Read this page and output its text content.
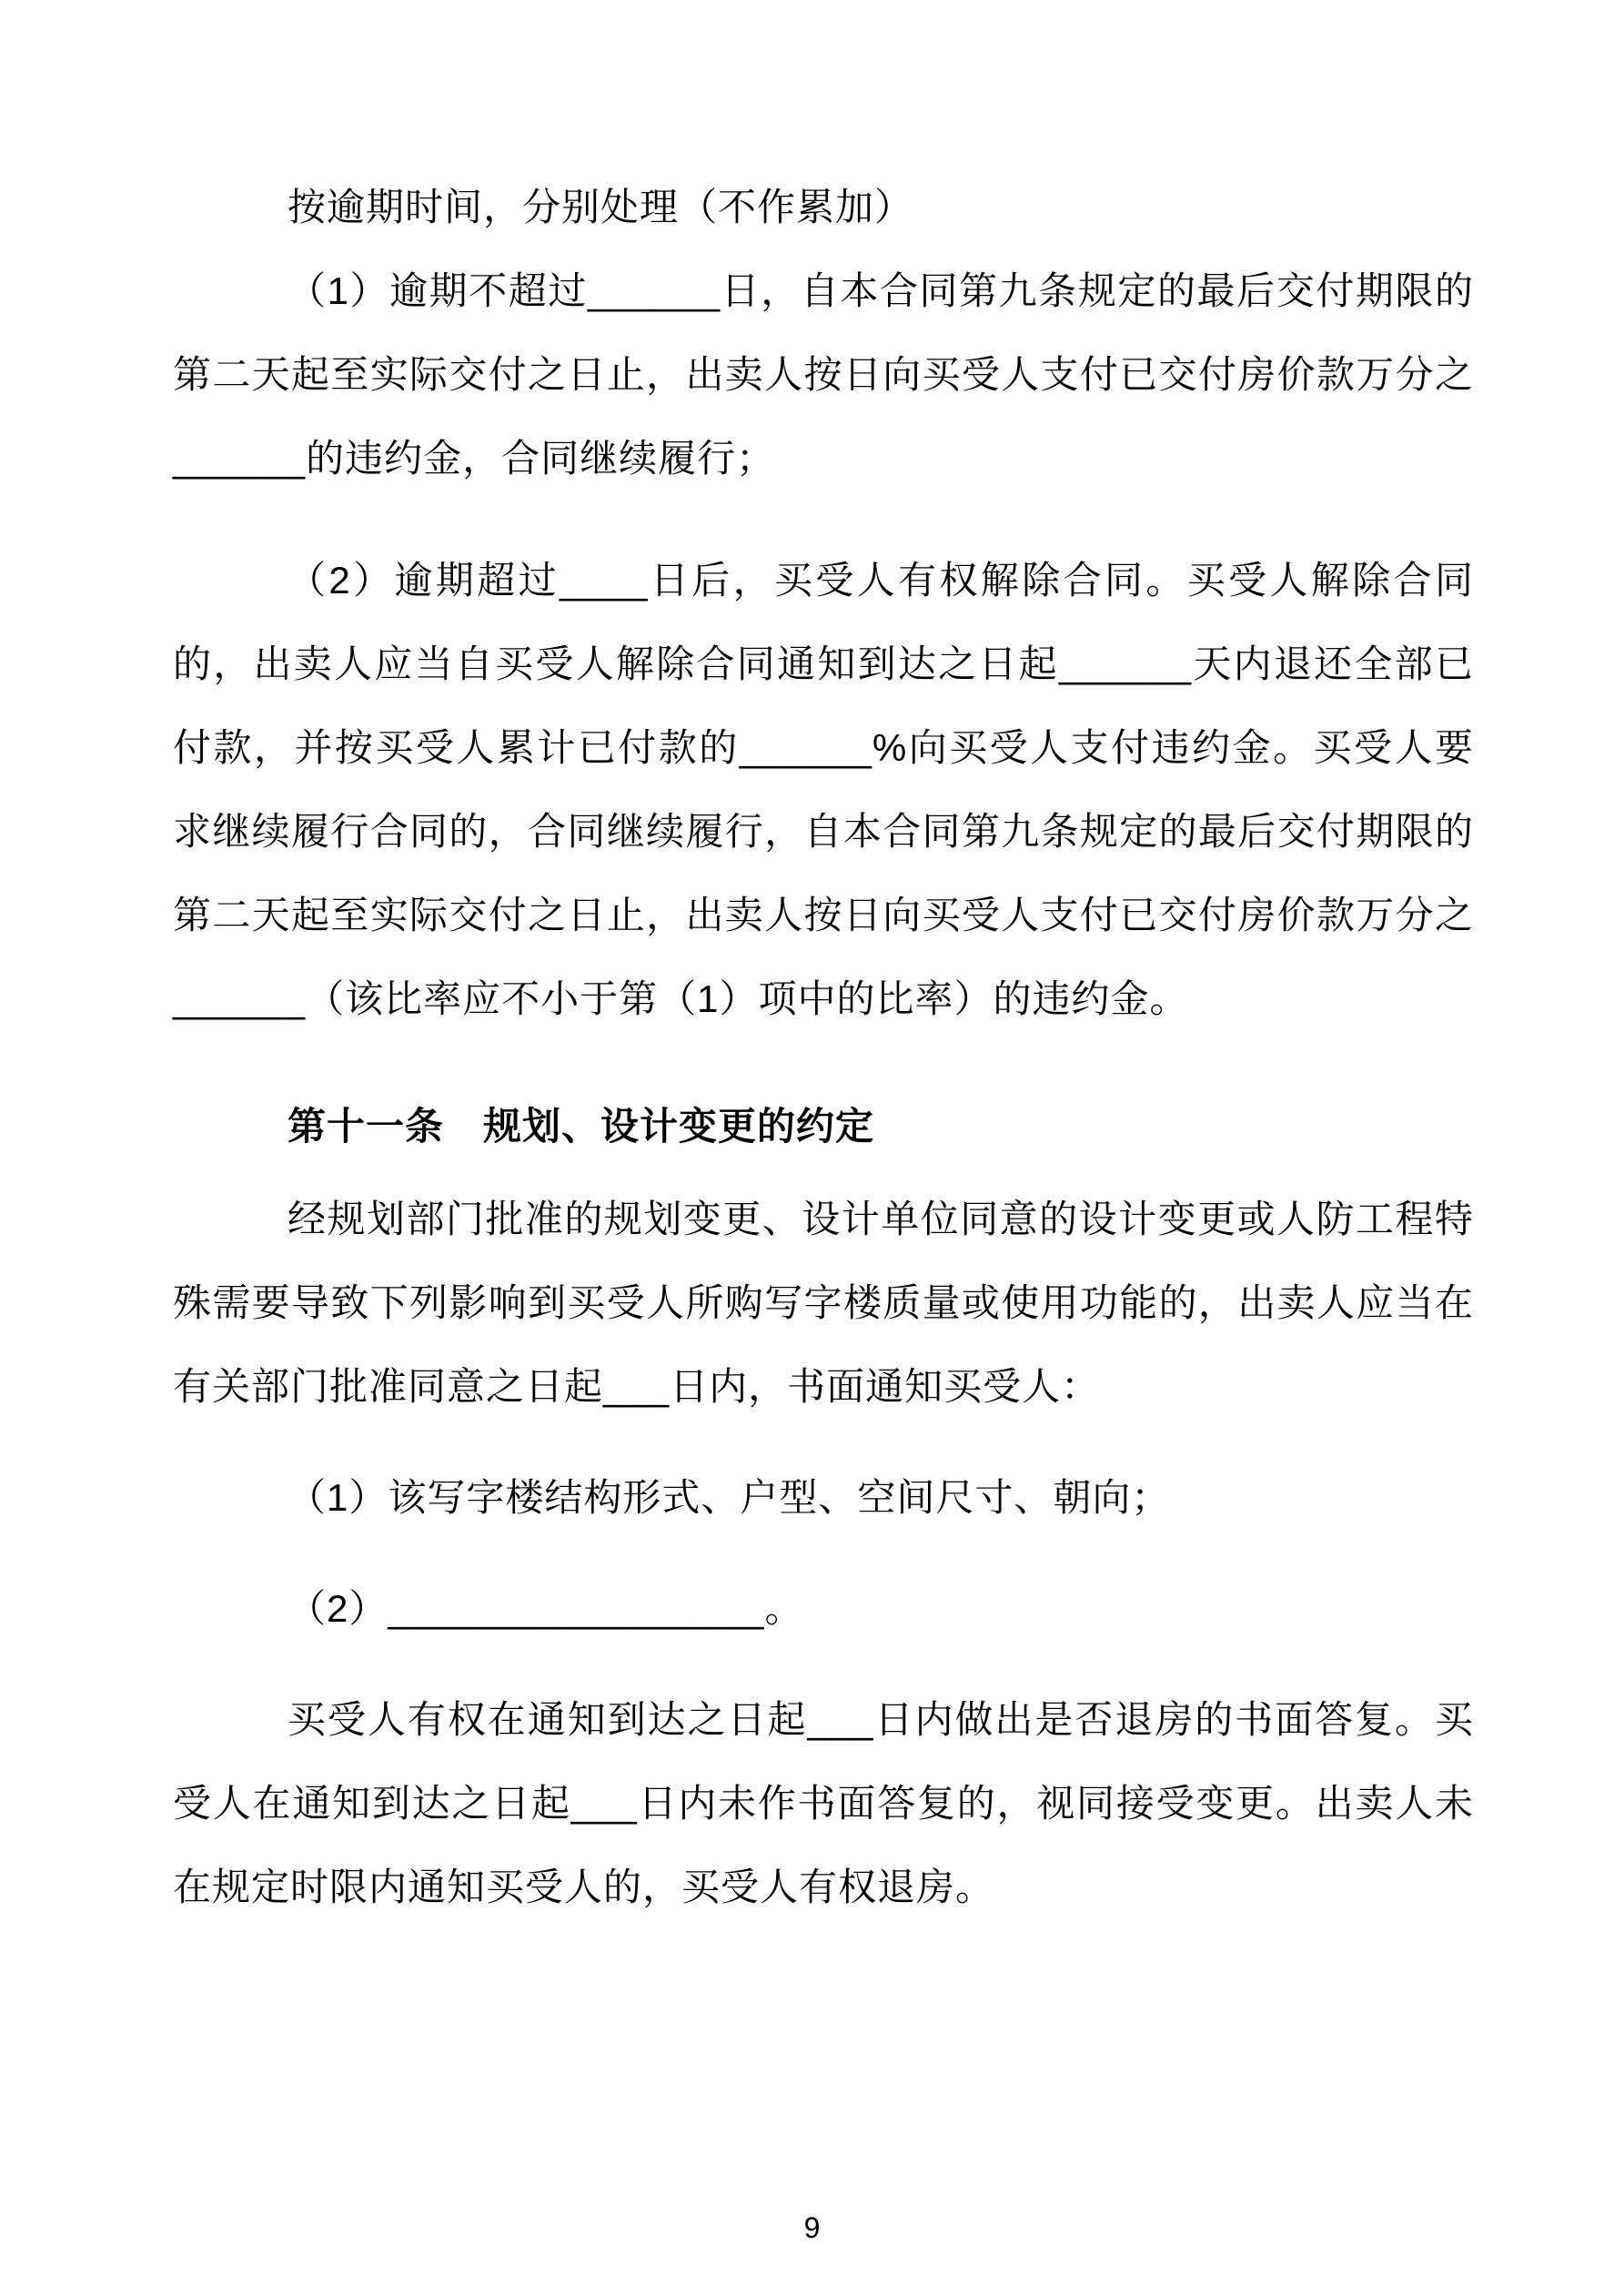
按逾期时间，分别处理（不作累加）

（1）逾期不超过______日，自本合同第九条规定的最后交付期限的第二天起至实际交付之日止，出卖人按日向买受人支付已交付房价款万分之______的违约金，合同继续履行；

（2）逾期超过____日后，买受人有权解除合同。买受人解除合同的，出卖人应当自买受人解除合同通知到达之日起______天内退还全部已付款，并按买受人累计已付款的______%向买受人支付违约金。买受人要求继续履行合同的，合同继续履行，自本合同第九条规定的最后交付期限的第二天起至实际交付之日止，出卖人按日向买受人支付已交付房价款万分之______（该比率应不小于第（1）项中的比率）的违约金。

第十一条　规划、设计变更的约定

经规划部门批准的规划变更、设计单位同意的设计变更或人防工程特殊需要导致下列影响到买受人所购写字楼质量或使用功能的，出卖人应当在有关部门批准同意之日起___日内，书面通知买受人：

（1）该写字楼结构形式、户型、空间尺寸、朝向；

（2）_________________。

买受人有权在通知到达之日起___日内做出是否退房的书面答复。买受人在通知到达之日起___日内未作书面答复的，视同接受变更。出卖人未在规定时限内通知买受人的，买受人有权退房。

9
